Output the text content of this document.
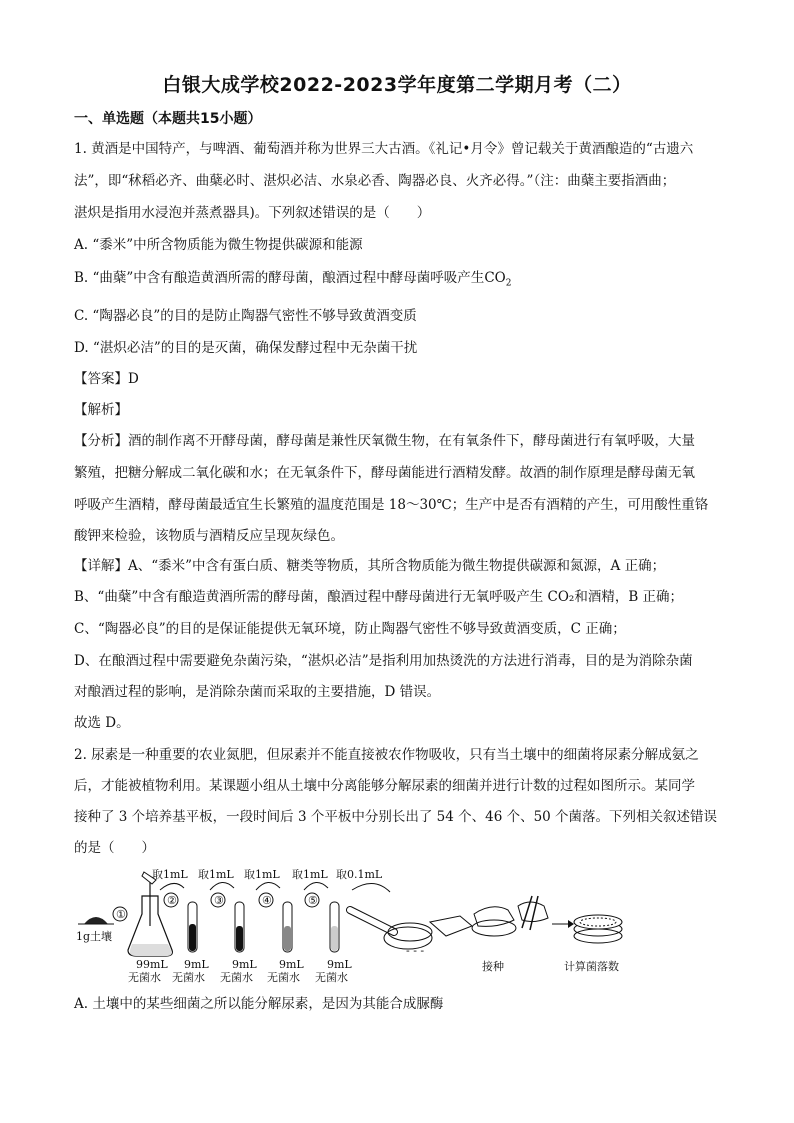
白银大成学校2022-2023学年度第二学期月考（二）
一、单选题（本题共15小题）
1. 黄酒是中国特产，与啤酒、葡萄酒并称为世界三大古酒。《礼记•月令》曾记载关于黄酒酿造的“古遗六
法”，即“秫稻必齐、曲蘖必时、湛炽必洁、水泉必香、陶器必良、火齐必得。”（注：曲蘖主要指酒曲；
湛炽是指用水浸泡并蒸煮器具)。下列叙述错误的是（　　）
A. “黍米”中所含物质能为微生物提供碳源和能源
B. “曲蘖”中含有酿造黄酒所需的酵母菌，酿酒过程中酵母菌呼吸产生$CO_2$
C. “陶器必良”的目的是防止陶器气密性不够导致黄酒变质
D. “湛炽必洁”的目的是灭菌，确保发酵过程中无杂菌干扰
【答案】D
【解析】
【分析】酒的制作离不开酵母菌，酵母菌是兼性厌氧微生物，在有氧条件下，酵母菌进行有氧呼吸，大量
繁殖，把糖分解成二氧化碳和水；在无氧条件下，酵母菌能进行酒精发酵。故酒的制作原理是酵母菌无氧
呼吸产生酒精，酵母菌最适宜生长繁殖的温度范围是 18～30℃；生产中是否有酒精的产生，可用酸性重铬
酸钾来检验，该物质与酒精反应呈现灰绿色。
【详解】A、“黍米”中含有蛋白质、糖类等物质，其所含物质能为微生物提供碳源和氮源，A 正确；
B、“曲蘖”中含有酿造黄酒所需的酵母菌，酿酒过程中酵母菌进行无氧呼吸产生 CO₂和酒精，B 正确；
C、“陶器必良”的目的是保证能提供无氧环境，防止陶器气密性不够导致黄酒变质，C 正确；
D、在酿酒过程中需要避免杂菌污染，“湛炽必洁”是指利用加热烫洗的方法进行消毒，目的是为消除杂菌
对酿酒过程的影响，是消除杂菌而采取的主要措施，D 错误。
故选 D。
2. 尿素是一种重要的农业氮肥，但尿素并不能直接被农作物吸收，只有当土壤中的细菌将尿素分解成氨之
后，才能被植物利用。某课题小组从土壤中分离能够分解尿素的细菌并进行计数的过程如图所示。某同学
接种了 3 个培养基平板，一段时间后 3 个平板中分别长出了 54 个、46 个、50 个菌落。下列相关叙述错误
的是（　　）
1g土壤
①
99mL
无菌水
取1mL 取1mL 取1mL 取1mL 取0.1mL
②	③	④	⑤
9mL
无菌水
9mL
无菌水
9mL
无菌水
9mL
无菌水
- - -
接种	计算菌落数
A. 土壤中的某些细菌之所以能分解尿素，是因为其能合成脲酶
